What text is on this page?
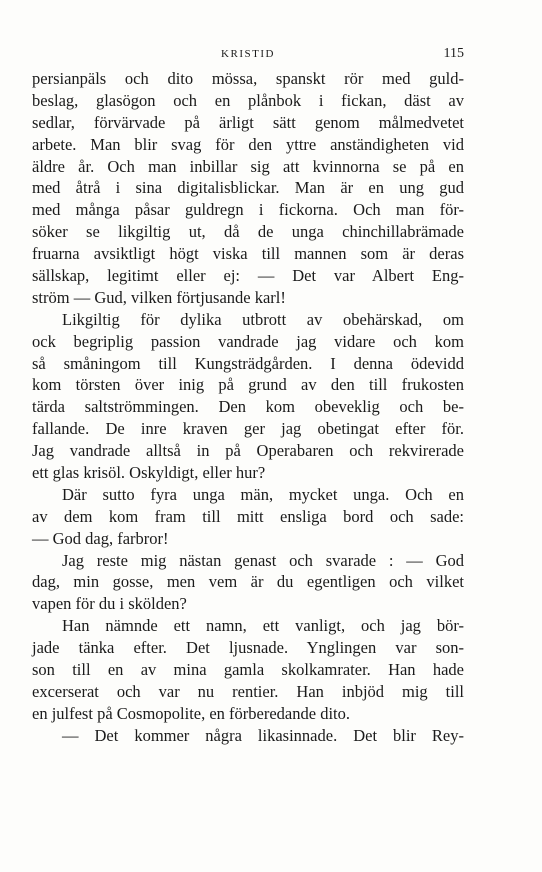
KRISTID	115
persianpäls och dito mössa, spanskt rör med guld-
beslag, glasögon och en plånbok i fickan, däst av
sedlar, förvärvade på ärligt sätt genom målmedvetet
arbete. Man blir svag för den yttre anständigheten vid
äldre år. Och man inbillar sig att kvinnorna se på en
med åtrå i sina digitalisblickar. Man är en ung gud
med många påsar guldregn i fickorna. Och man för-
söker se likgiltig ut, då de unga chinchillabrämade
fruarna avsiktligt högt viska till mannen som är deras
sällskap, legitimt eller ej: — Det var Albert Eng-
ström — Gud, vilken förtjusande karl!
Likgiltig för dylika utbrott av obehärskad, om
ock begriplig passion vandrade jag vidare och kom
så småningom till Kungsträdgården. I denna ödevidd
kom törsten över inig på grund av den till frukosten
tärda saltströmmingen. Den kom obeveklig och be-
fallande. De inre kraven ger jag obetingat efter för.
Jag vandrade alltså in på Operabaren och rekvirerade
ett glas krisöl. Oskyldigt, eller hur?
Där sutto fyra unga män, mycket unga. Och en
av dem kom fram till mitt ensliga bord och sade:
— God dag, farbror!
Jag reste mig nästan genast och svarade : — God
dag, min gosse, men vem är du egentligen och vilket
vapen för du i skölden?
Han nämnde ett namn, ett vanligt, och jag bör-
jade tänka efter. Det ljusnade. Ynglingen var son-
son till en av mina gamla skolkamrater. Han hade
excerserat och var nu rentier. Han inbjöd mig till
en julfest på Cosmopolite, en förberedande dito.
— Det kommer några likasinnade. Det blir Rey-
